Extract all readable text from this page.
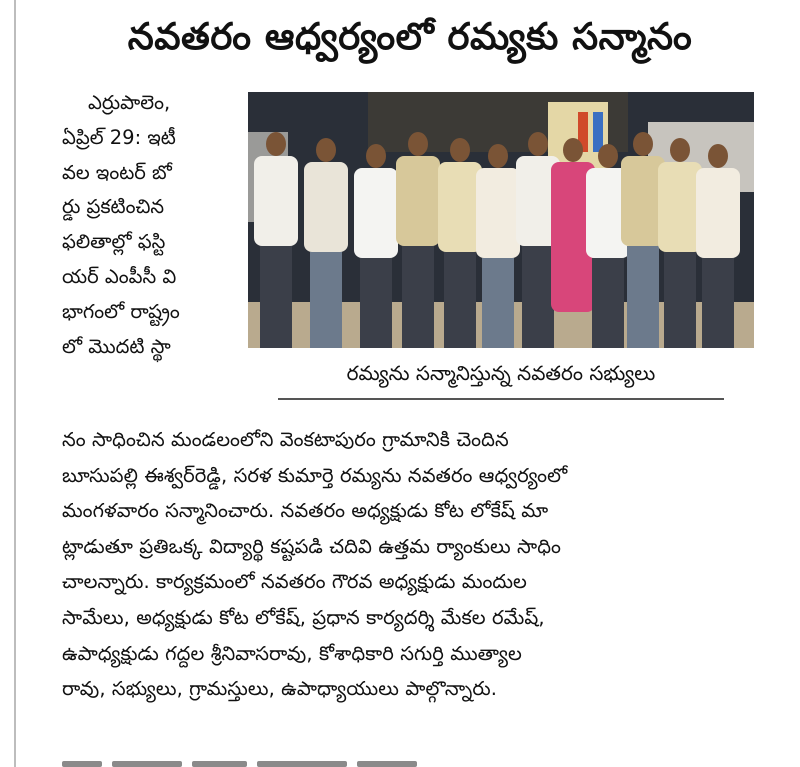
నవతరం ఆధ్వర్యంలో రమ్యకు సన్మానం
ఎర్రుపాలెం,
ఏప్రిల్ 29: ఇటీ
వల ఇంటర్ బో
ర్డు ప్రకటించిన
ఫలితాల్లో ఫస్టి
యర్ ఎంపీసీ వి
భాగంలో రాష్ట్రం
లో మొదటి స్థా
రమ్యను సన్మానిస్తున్న నవతరం సభ్యులు
నం సాధించిన మండలంలోని వెంకటాపురం గ్రామానికి చెందిన
బూసుపల్లి ఈశ్వర్‌రెడ్డి, సరళ కుమార్తె రమ్యను నవతరం ఆధ్వర్యంలో
మంగళవారం సన్మానించారు. నవతరం అధ్యక్షుడు కోట లోకేష్ మా
ట్లాడుతూ ప్రతిఒక్క విద్యార్థి కష్టపడి చదివి ఉత్తమ ర్యాంకులు సాధిం
చాలన్నారు. కార్యక్రమంలో నవతరం గౌరవ అధ్యక్షుడు మందుల
సామేలు, అధ్యక్షుడు కోట లోకేష్, ప్రధాన కార్యదర్శి మేకల రమేష్,
ఉపాధ్యక్షుడు గద్దల శ్రీనివాసరావు, కోశాధికారి సగుర్తి ముత్యాల
రావు, సభ్యులు, గ్రామస్తులు, ఉపాధ్యాయులు పాల్గొన్నారు.
